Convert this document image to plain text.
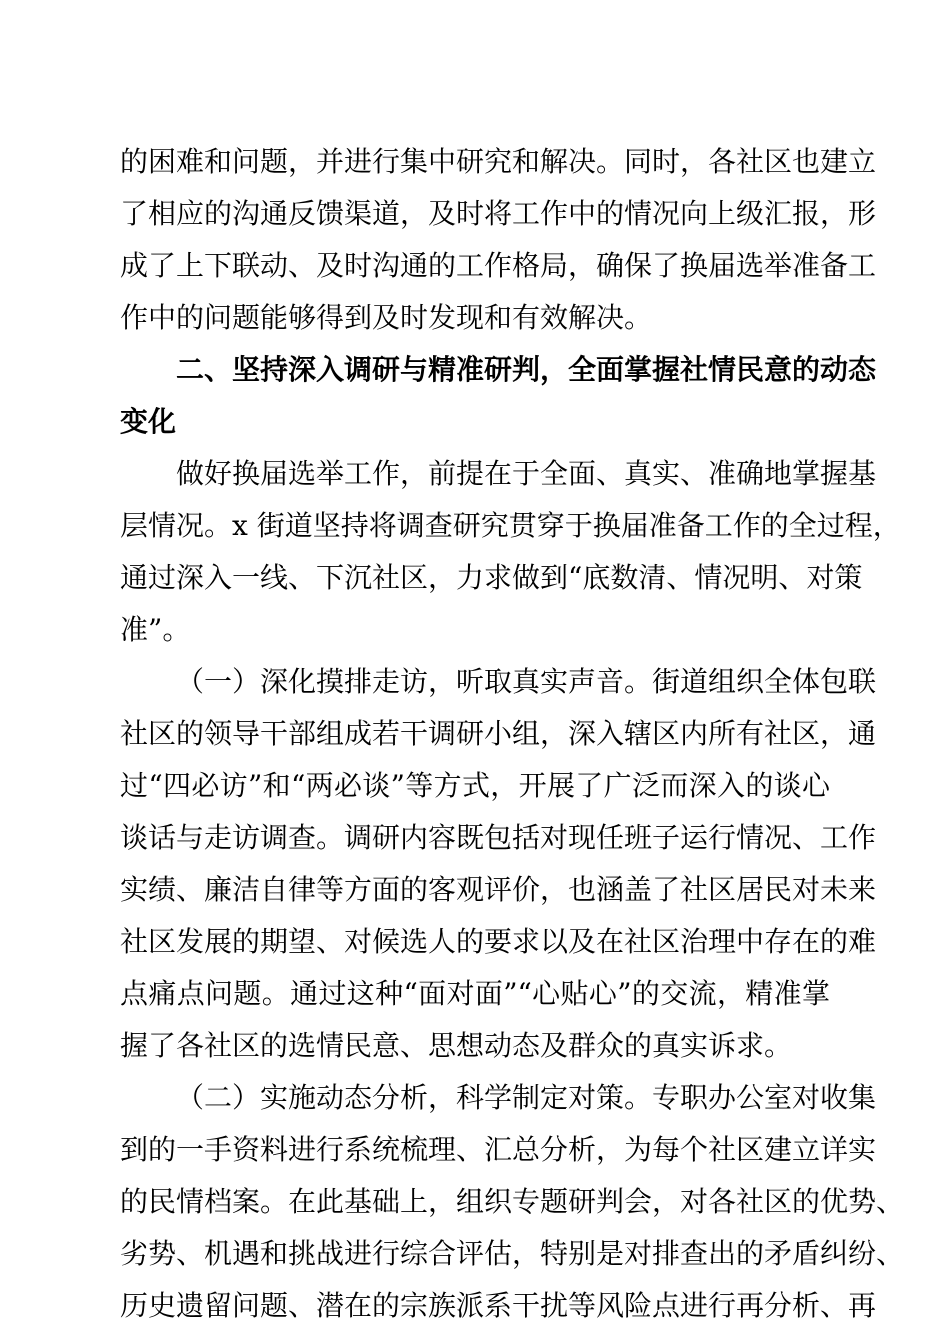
的困难和问题，并进行集中研究和解决。同时，各社区也建立
了相应的沟通反馈渠道，及时将工作中的情况向上级汇报，形
成了上下联动、及时沟通的工作格局，确保了换届选举准备工
作中的问题能够得到及时发现和有效解决。
二、坚持深入调研与精准研判，全面掌握社情民意的动态
变化
做好换届选举工作，前提在于全面、真实、准确地掌握基
层情况。x 街道坚持将调查研究贯穿于换届准备工作的全过程，
通过深入一线、下沉社区，力求做到“底数清、情况明、对策
准”。
（一）深化摸排走访，听取真实声音。街道组织全体包联
社区的领导干部组成若干调研小组，深入辖区内所有社区，通
过“四必访”和“两必谈”等方式，开展了广泛而深入的谈心
谈话与走访调查。调研内容既包括对现任班子运行情况、工作
实绩、廉洁自律等方面的客观评价，也涵盖了社区居民对未来
社区发展的期望、对候选人的要求以及在社区治理中存在的难
点痛点问题。通过这种“面对面”“心贴心”的交流，精准掌
握了各社区的选情民意、思想动态及群众的真实诉求。
（二）实施动态分析，科学制定对策。专职办公室对收集
到的一手资料进行系统梳理、汇总分析，为每个社区建立详实
的民情档案。在此基础上，组织专题研判会，对各社区的优势、
劣势、机遇和挑战进行综合评估，特别是对排查出的矛盾纠纷、
历史遗留问题、潜在的宗族派系干扰等风险点进行再分析、再
